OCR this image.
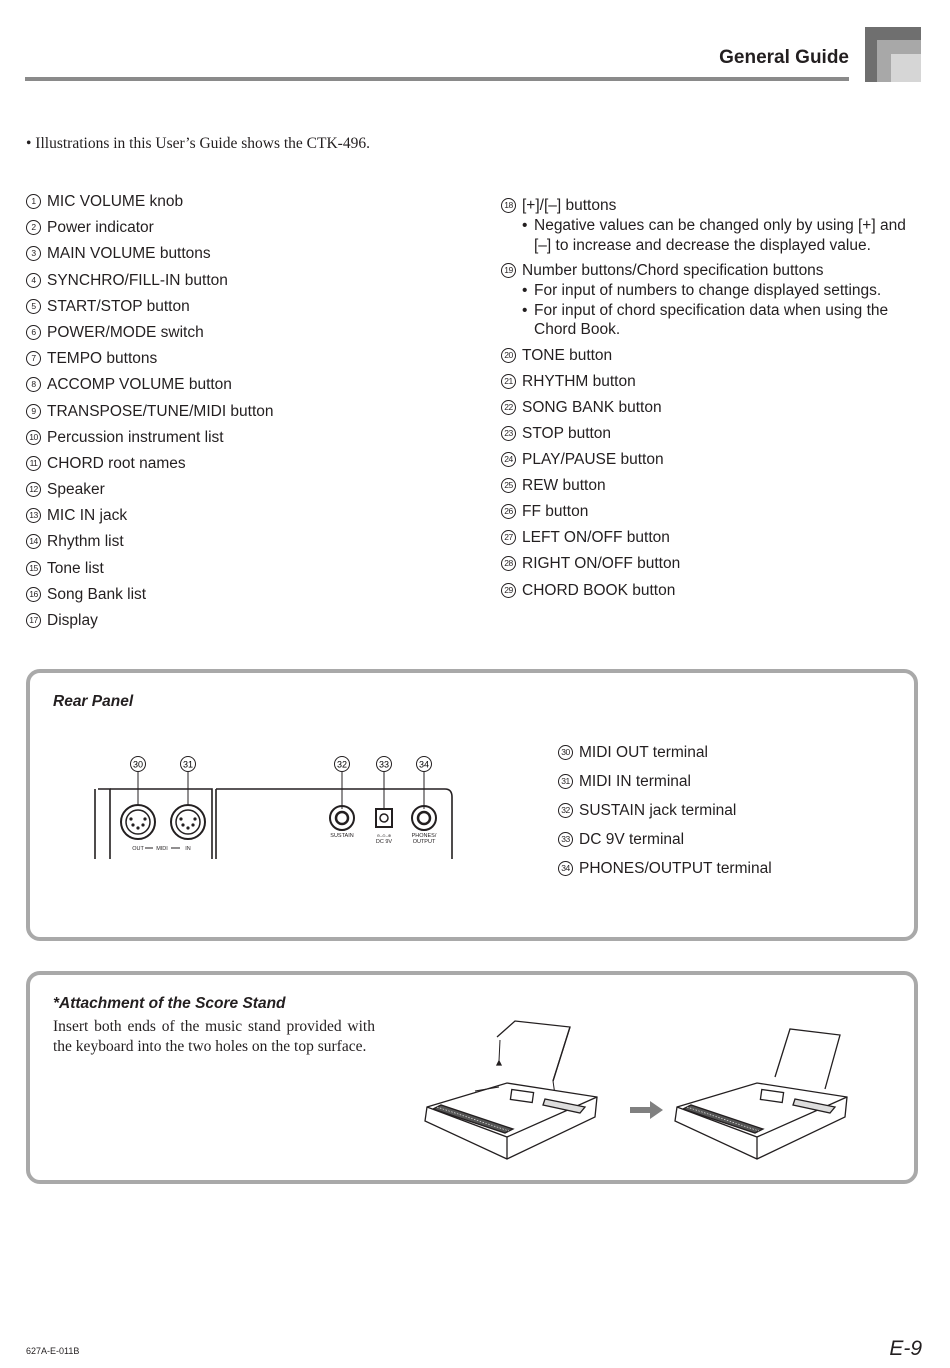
General Guide
• Illustrations in this User’s Guide shows the CTK-496.
1 MIC VOLUME knob
2 Power indicator
3 MAIN VOLUME buttons
4 SYNCHRO/FILL-IN button
5 START/STOP button
6 POWER/MODE switch
7 TEMPO buttons
8 ACCOMP VOLUME button
9 TRANSPOSE/TUNE/MIDI button
10 Percussion instrument list
11 CHORD root names
12 Speaker
13 MIC IN jack
14 Rhythm list
15 Tone list
16 Song Bank list
17 Display
18 [+]/[–] buttons
• Negative values can be changed only by using [+] and [–] to increase and decrease the displayed value.
19 Number buttons/Chord specification buttons
• For input of numbers to change displayed settings.
• For input of chord specification data when using the Chord Book.
20 TONE button
21 RHYTHM button
22 SONG BANK button
23 STOP button
24 PLAY/PAUSE button
25 REW button
26 FF button
27 LEFT ON/OFF button
28 RIGHT ON/OFF button
29 CHORD BOOK button
Rear Panel
30	31	32	33	34
OUT MIDI	IN
SUSTAIN	⊖–⊙–⊕
DC 9V
PHONES/
OUTPUT
30 MIDI OUT terminal
31 MIDI IN terminal
32 SUSTAIN jack terminal
33 DC 9V terminal
34 PHONES/OUTPUT terminal
*Attachment of the Score Stand
Insert both ends of the music stand provided with the keyboard into the two holes on the top surface.
627A-E-011B	E-9
